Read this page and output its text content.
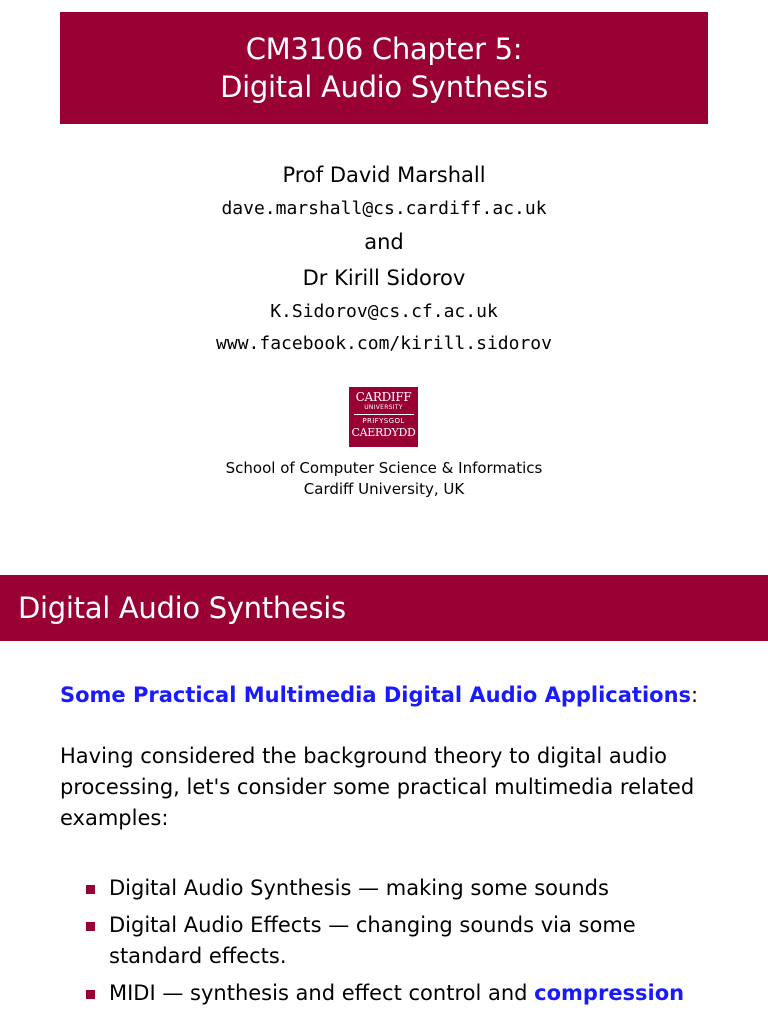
CM3106 Chapter 5:
Digital Audio Synthesis
Prof David Marshall
dave.marshall@cs.cardiff.ac.uk
and
Dr Kirill Sidorov
K.Sidorov@cs.cf.ac.uk
www.facebook.com/kirill.sidorov
CARDIFF
UNIVERSITY
PRIFYSGOL
CAERDYDD
School of Computer Science & Informatics
Cardiff University, UK
Digital Audio Synthesis
Some Practical Multimedia Digital Audio Applications:
Having considered the background theory to digital audio processing, let's consider some practical multimedia related examples:
Digital Audio Synthesis — making some sounds
Digital Audio Effects — changing sounds via some standard effects.
MIDI — synthesis and effect control and compression
